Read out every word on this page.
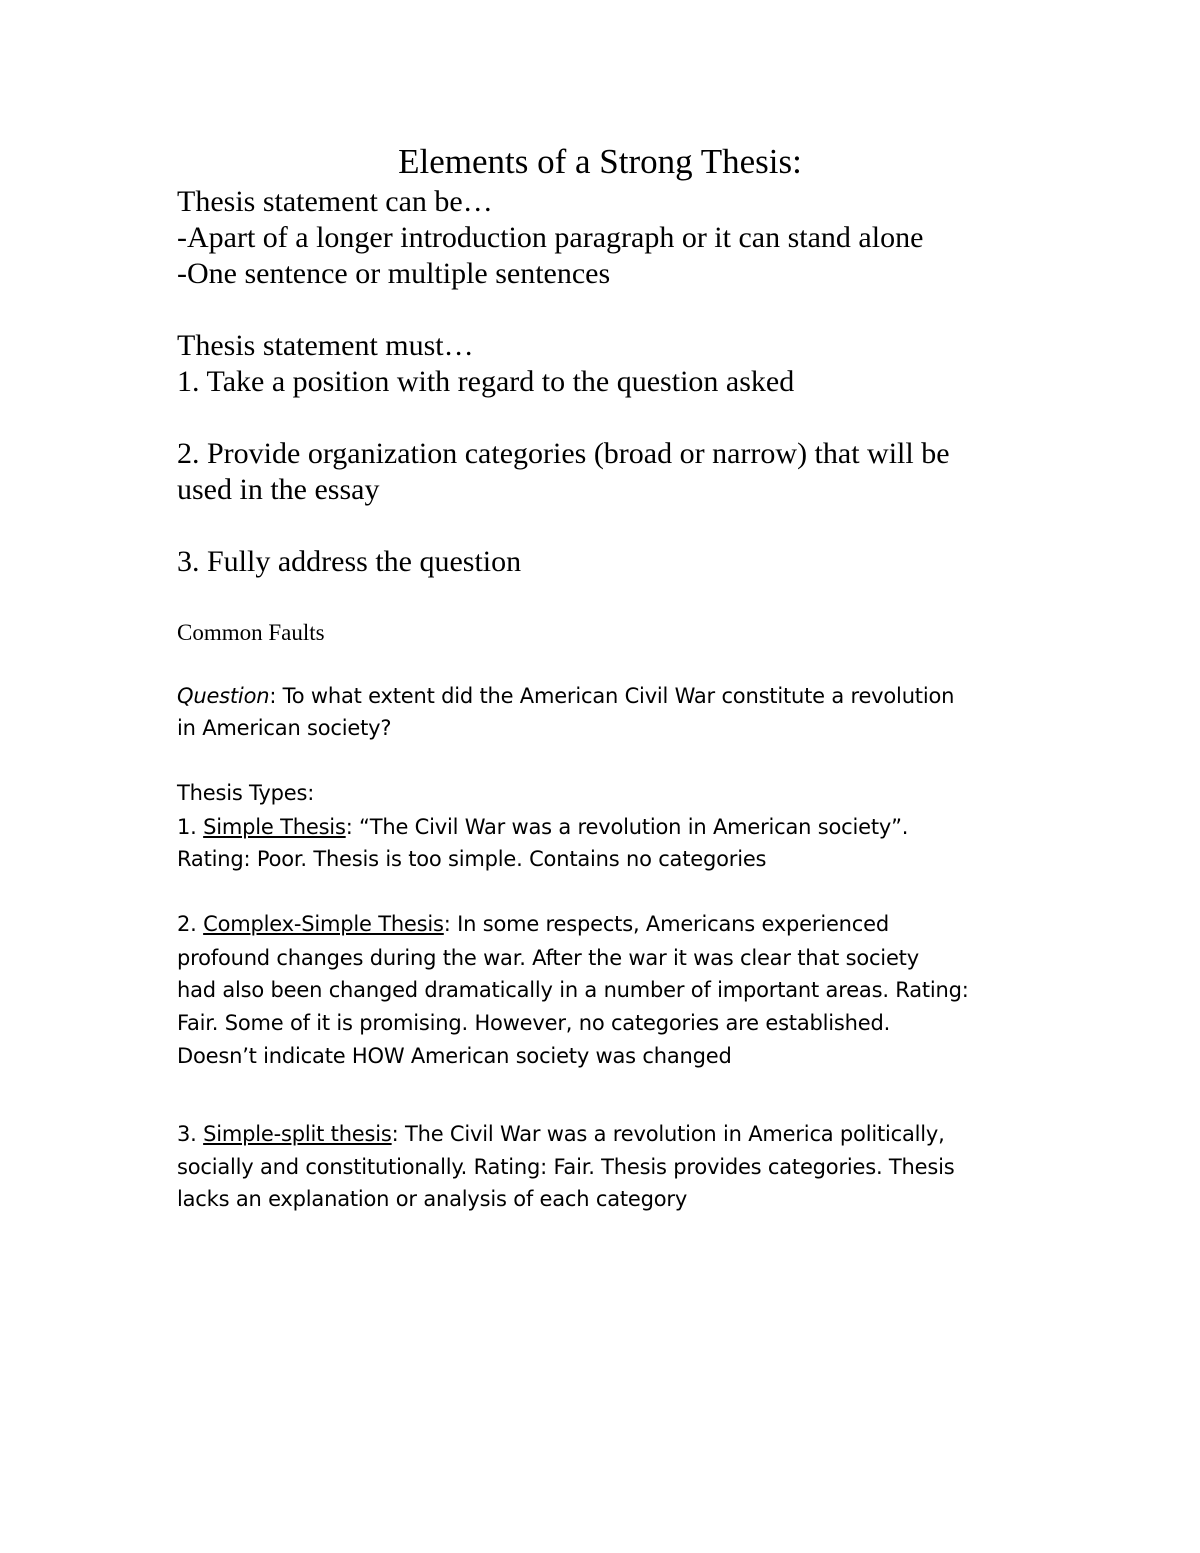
Elements of a Strong Thesis:

Thesis statement can be…

-Apart of a longer introduction paragraph or it can stand alone

-One sentence or multiple sentences

Thesis statement must…

1. Take a position with regard to the question asked

2. Provide organization categories (broad or narrow) that will be

used in the essay

3. Fully address the question

Common Faults

Question: To what extent did the American Civil War constitute a revolution

in American society?

Thesis Types:

1. Simple Thesis: “The Civil War was a revolution in American society”.

Rating: Poor. Thesis is too simple. Contains no categories

2. Complex-Simple Thesis: In some respects, Americans experienced

profound changes during the war. After the war it was clear that society

had also been changed dramatically in a number of important areas. Rating:

Fair. Some of it is promising. However, no categories are established.

Doesn’t indicate HOW American society was changed

3. Simple-split thesis: The Civil War was a revolution in America politically,

socially and constitutionally. Rating: Fair. Thesis provides categories. Thesis

lacks an explanation or analysis of each category
